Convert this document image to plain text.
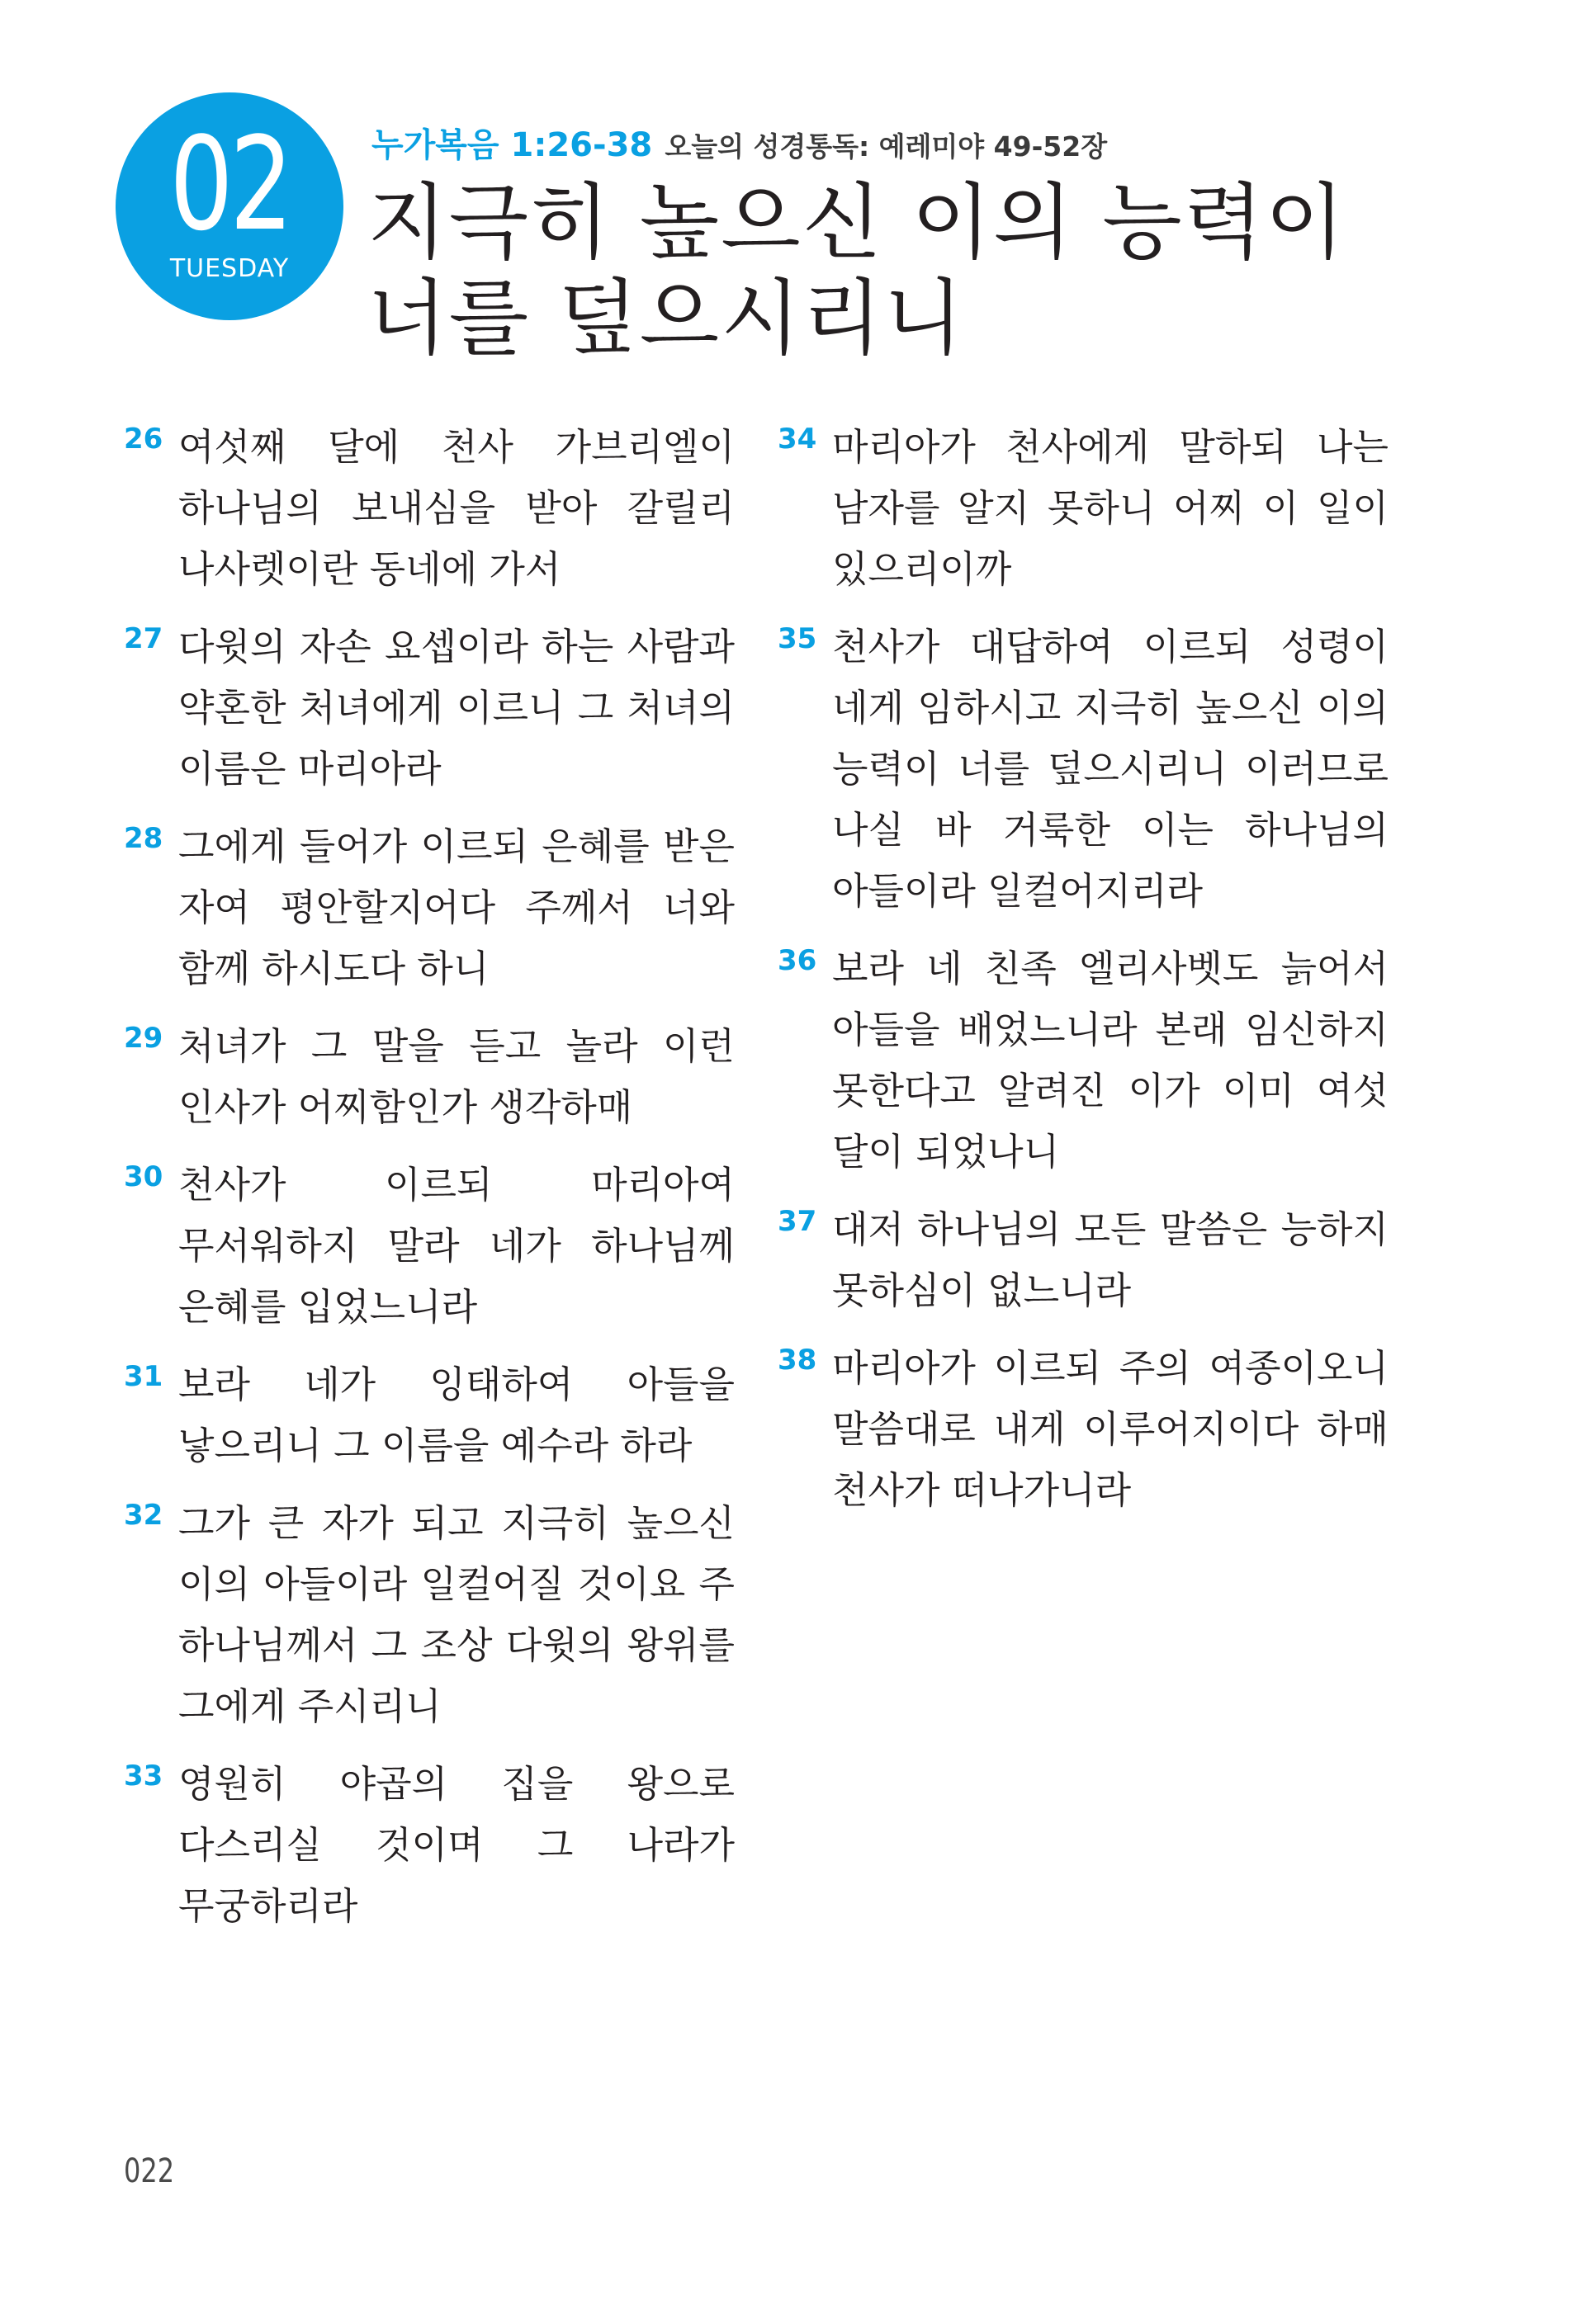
02
TUESDAY
누가복음 1:26-38 오늘의 성경통독: 예레미야 49-52장
지극히 높으신 이의 능력이
너를 덮으시리니
26 여섯째 달에 천사 가브리엘이 하나님의 보내심을 받아 갈릴리 나사렛이란 동네에 가서
27 다윗의 자손 요셉이라 하는 사람과 약혼한 처녀에게 이르니 그 처녀의 이름은 마리아라
28 그에게 들어가 이르되 은혜를 받은 자여 평안할지어다 주께서 너와 함께 하시도다 하니
29 처녀가 그 말을 듣고 놀라 이런 인사가 어찌함인가 생각하매
30 천사가 이르되 마리아여 무서워하지 말라 네가 하나님께 은혜를 입었느니라
31 보라 네가 잉태하여 아들을 낳으리니 그 이름을 예수라 하라
32 그가 큰 자가 되고 지극히 높으신 이의 아들이라 일컬어질 것이요 주 하나님께서 그 조상 다윗의 왕위를 그에게 주시리니
33 영원히 야곱의 집을 왕으로 다스리실 것이며 그 나라가 무궁하리라
34 마리아가 천사에게 말하되 나는 남자를 알지 못하니 어찌 이 일이 있으리이까
35 천사가 대답하여 이르되 성령이 네게 임하시고 지극히 높으신 이의 능력이 너를 덮으시리니 이러므로 나실 바 거룩한 이는 하나님의 아들이라 일컬어지리라
36 보라 네 친족 엘리사벳도 늙어서 아들을 배었느니라 본래 임신하지 못한다고 알려진 이가 이미 여섯 달이 되었나니
37 대저 하나님의 모든 말씀은 능하지 못하심이 없느니라
38 마리아가 이르되 주의 여종이오니 말씀대로 내게 이루어지이다 하매 천사가 떠나가니라
022
